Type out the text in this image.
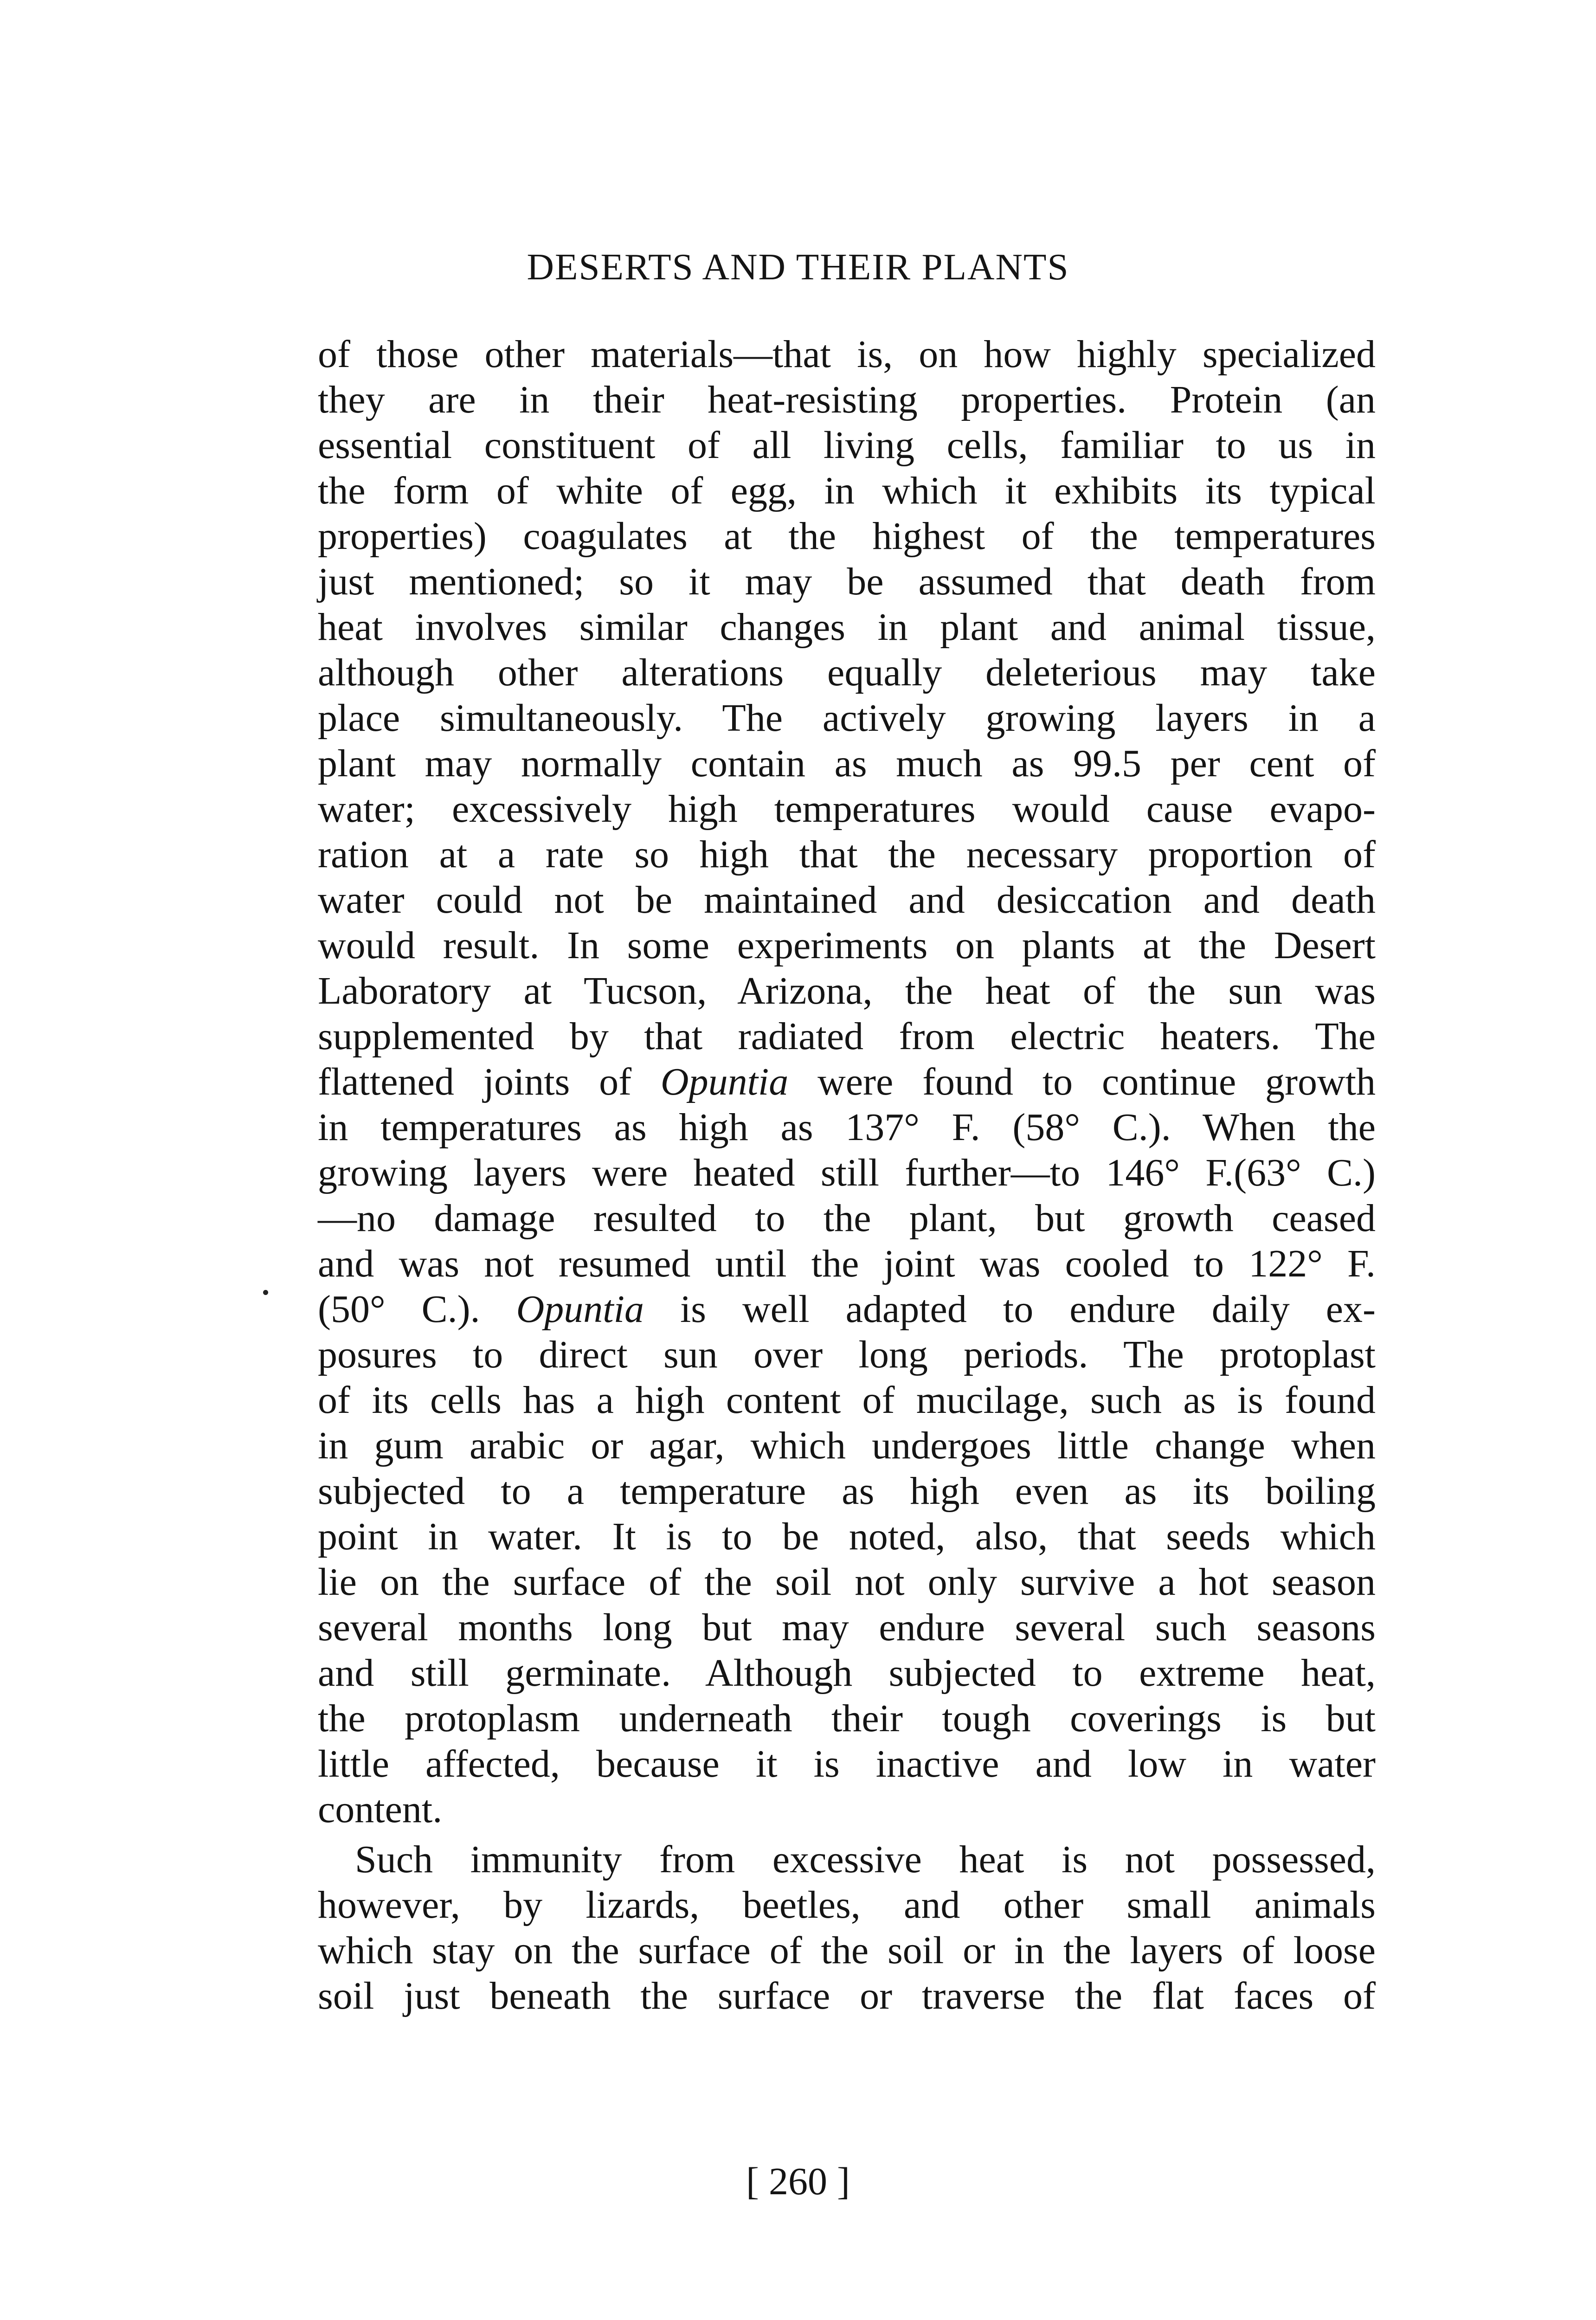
DESERTS AND THEIR PLANTS
of those other materials—that is, on how highly specialized
they are in their heat-resisting properties. Protein (an
essential constituent of all living cells, familiar to us in
the form of white of egg, in which it exhibits its typical
properties) coagulates at the highest of the temperatures
just mentioned; so it may be assumed that death from
heat involves similar changes in plant and animal tissue,
although other alterations equally deleterious may take
place simultaneously. The actively growing layers in a
plant may normally contain as much as 99.5 per cent of
water; excessively high temperatures would cause evapo-
ration at a rate so high that the necessary proportion of
water could not be maintained and desiccation and death
would result. In some experiments on plants at the Desert
Laboratory at Tucson, Arizona, the heat of the sun was
supplemented by that radiated from electric heaters. The
flattened joints of Opuntia were found to continue growth
in temperatures as high as 137° F. (58° C.). When the
growing layers were heated still further—to 146° F.(63° C.)
—no damage resulted to the plant, but growth ceased
and was not resumed until the joint was cooled to 122° F.
(50° C.). Opuntia is well adapted to endure daily ex-
posures to direct sun over long periods. The protoplast
of its cells has a high content of mucilage, such as is found
in gum arabic or agar, which undergoes little change when
subjected to a temperature as high even as its boiling
point in water. It is to be noted, also, that seeds which
lie on the surface of the soil not only survive a hot season
several months long but may endure several such seasons
and still germinate. Although subjected to extreme heat,
the protoplasm underneath their tough coverings is but
little affected, because it is inactive and low in water
content.
Such immunity from excessive heat is not possessed,
however, by lizards, beetles, and other small animals
which stay on the surface of the soil or in the layers of loose
soil just beneath the surface or traverse the flat faces of
[ 260 ]
